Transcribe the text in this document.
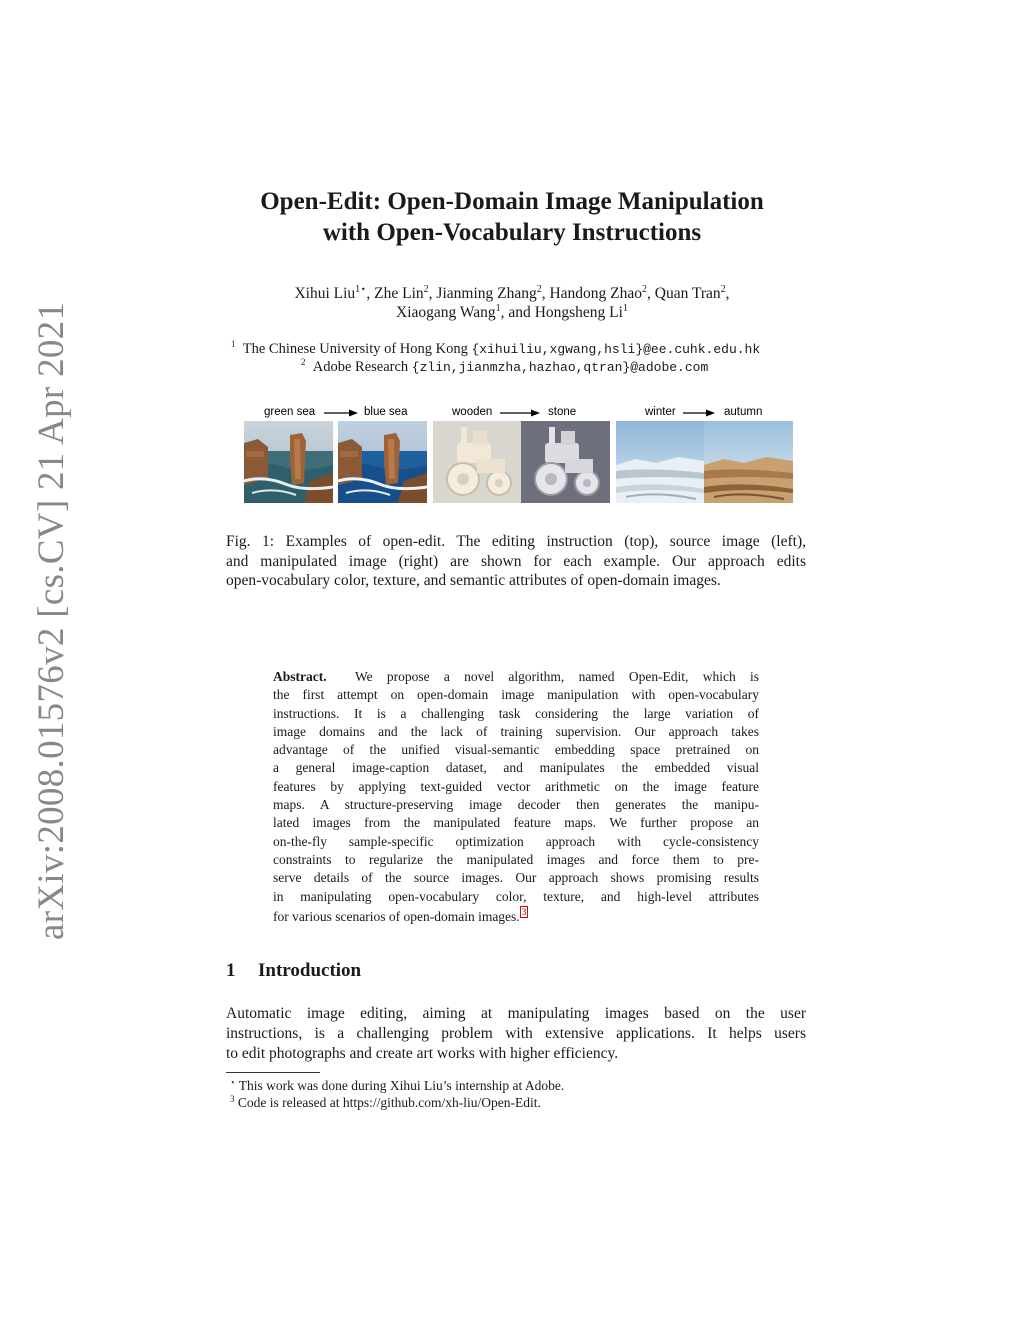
arXiv:2008.01576v2 [cs.CV] 21 Apr 2021
Open-Edit: Open-Domain Image Manipulation
with Open-Vocabulary Instructions
Xihui Liu$^{1⋆}$, Zhe Lin$^2$, Jianming Zhang$^2$, Handong Zhao$^2$, Quan Tran$^2$,
Xiaogang Wang$^1$, and Hongsheng Li$^1$
$^1$ The Chinese University of Hong Kong {xihuiliu,xgwang,hsli}@ee.cuhk.edu.hk
$^2$ Adobe Research {zlin,jianmzha,hazhao,qtran}@adobe.com
green sea	blue sea	wooden	stone	winter	autumn
Fig. 1: Examples of open-edit. The editing instruction (top), source image (left),
and manipulated image (right) are shown for each example. Our approach edits
open-vocabulary color, texture, and semantic attributes of open-domain images.
Abstract. We propose a novel algorithm, named Open-Edit, which is
the first attempt on open-domain image manipulation with open-vocabulary
instructions. It is a challenging task considering the large variation of
image domains and the lack of training supervision. Our approach takes
advantage of the unified visual-semantic embedding space pretrained on
a general image-caption dataset, and manipulates the embedded visual
features by applying text-guided vector arithmetic on the image feature
maps. A structure-preserving image decoder then generates the manipu-
lated images from the manipulated feature maps. We further propose an
on-the-fly sample-specific optimization approach with cycle-consistency
constraints to regularize the manipulated images and force them to pre-
serve details of the source images. Our approach shows promising results
in manipulating open-vocabulary color, texture, and high-level attributes
for various scenarios of open-domain images. 3
1 Introduction
Automatic image editing, aiming at manipulating images based on the user
instructions, is a challenging problem with extensive applications. It helps users
to edit photographs and create art works with higher efficiency.
⋆ This work was done during Xihui Liu’s internship at Adobe.
$^3$ Code is released at https://github.com/xh-liu/Open-Edit.
